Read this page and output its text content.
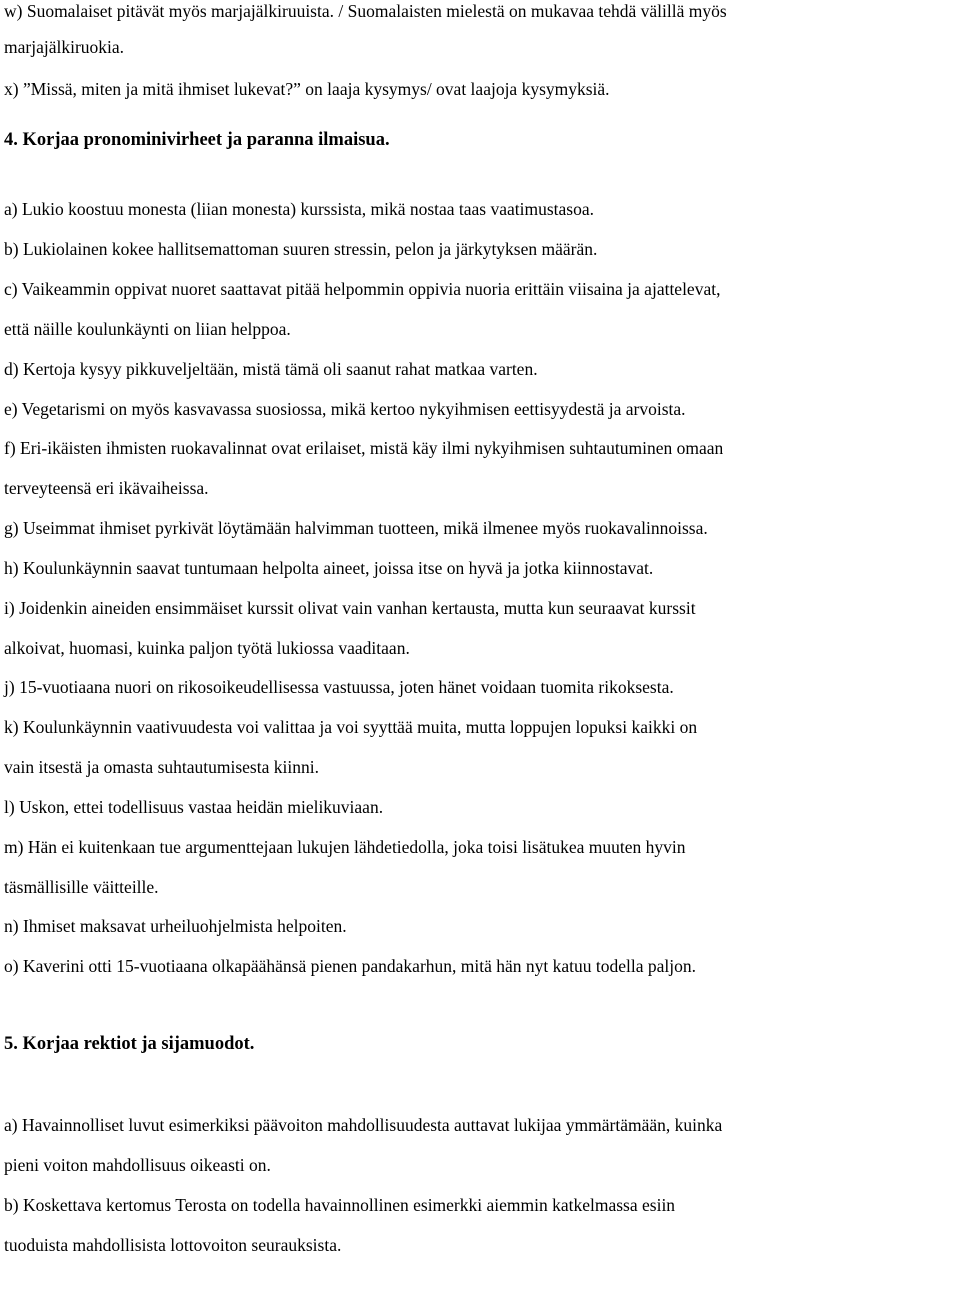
w) Suomalaiset pitävät myös marjajälkiruuista. / Suomalaisten mielestä on mukavaa tehdä välillä myös
marjajälkiruokia.
x) ”Missä, miten ja mitä ihmiset lukevat?” on laaja kysymys/ ovat laajoja kysymyksiä.
4. Korjaa pronominivirheet ja paranna ilmaisua.
a) Lukio koostuu monesta (liian monesta) kurssista, mikä nostaa taas vaatimustasoa.
b) Lukiolainen kokee hallitsemattoman suuren stressin, pelon ja järkytyksen määrän.
c) Vaikeammin oppivat nuoret saattavat pitää helpommin oppivia nuoria erittäin viisaina ja ajattelevat,
että näille koulunkäynti on liian helppoa.
d) Kertoja kysyy pikkuveljeltään, mistä tämä oli saanut rahat matkaa varten.
e) Vegetarismi on myös kasvavassa suosiossa, mikä kertoo nykyihmisen eettisyydestä ja arvoista.
f) Eri-ikäisten ihmisten ruokavalinnat ovat erilaiset, mistä käy ilmi nykyihmisen suhtautuminen omaan
terveyteensä eri ikävaiheissa.
g) Useimmat ihmiset pyrkivät löytämään halvimman tuotteen, mikä ilmenee myös ruokavalinnoissa.
h) Koulunkäynnin saavat tuntumaan helpolta aineet, joissa itse on hyvä ja jotka kiinnostavat.
i) Joidenkin aineiden ensimmäiset kurssit olivat vain vanhan kertausta, mutta kun seuraavat kurssit
alkoivat, huomasi, kuinka paljon työtä lukiossa vaaditaan.
j) 15-vuotiaana nuori on rikosoikeudellisessa vastuussa, joten hänet voidaan tuomita rikoksesta.
k) Koulunkäynnin vaativuudesta voi valittaa ja voi syyttää muita, mutta loppujen lopuksi kaikki on
vain itsestä ja omasta suhtautumisesta kiinni.
l) Uskon, ettei todellisuus vastaa heidän mielikuviaan.
m) Hän ei kuitenkaan tue argumenttejaan lukujen lähdetiedolla, joka toisi lisätukea muuten hyvin
täsmällisille väitteille.
n) Ihmiset maksavat urheiluohjelmista helpoiten.
o) Kaverini otti 15-vuotiaana olkapäähänsä pienen pandakarhun, mitä hän nyt katuu todella paljon.
5. Korjaa rektiot ja sijamuodot.
a) Havainnolliset luvut esimerkiksi päävoiton mahdollisuudesta auttavat lukijaa ymmärtämään, kuinka
pieni voiton mahdollisuus oikeasti on.
b) Koskettava kertomus Terosta on todella havainnollinen esimerkki aiemmin katkelmassa esiin
tuoduista mahdollisista lottovoiton seurauksista.
